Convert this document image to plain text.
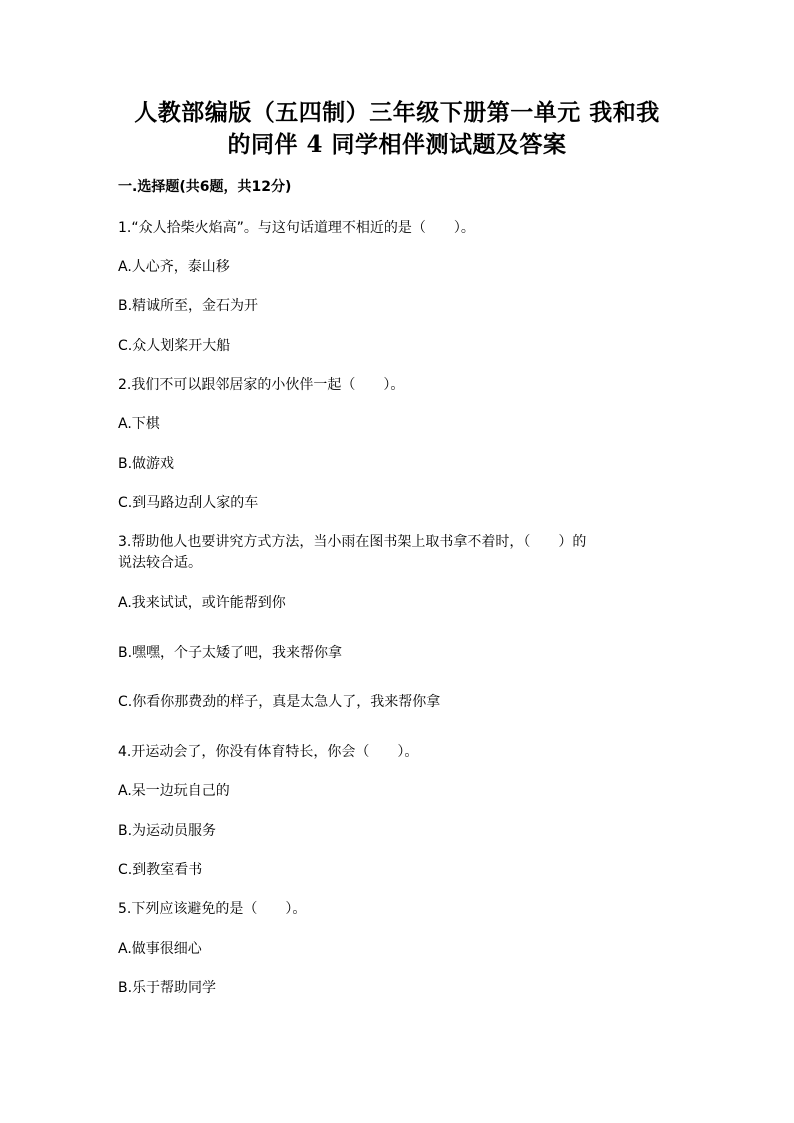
人教部编版（五四制）三年级下册第一单元 我和我
的同伴 4 同学相伴测试题及答案
一.选择题(共6题，共12分)
1.“众人拾柴火焰高”。与这句话道理不相近的是（　　）。
A.人心齐，泰山移
B.精诚所至，金石为开
C.众人划桨开大船
2.我们不可以跟邻居家的小伙伴一起（　　）。
A.下棋
B.做游戏
C.到马路边刮人家的车
3.帮助他人也要讲究方式方法，当小雨在图书架上取书拿不着时，（　　）的
说法较合适。
A.我来试试，或许能帮到你
B.嘿嘿，个子太矮了吧，我来帮你拿
C.你看你那费劲的样子，真是太急人了，我来帮你拿
4.开运动会了，你没有体育特长，你会（　　）。
A.呆一边玩自己的
B.为运动员服务
C.到教室看书
5.下列应该避免的是（　　）。
A.做事很细心
B.乐于帮助同学
